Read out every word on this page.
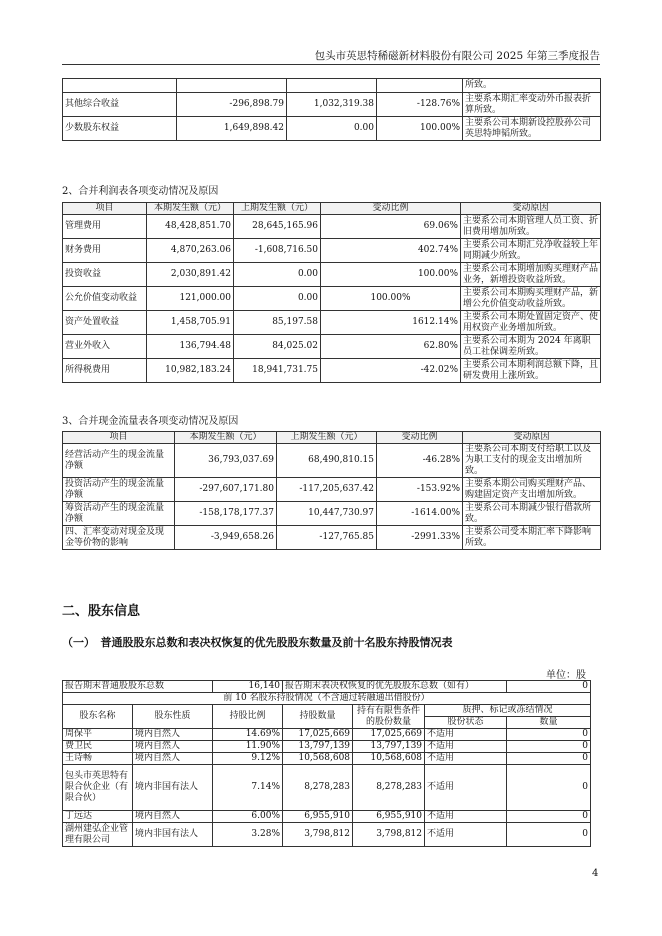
包头市英思特稀磁新材料股份有限公司 2025 年第三季度报告
				所致。
其他综合收益	-296,898.79	1,032,319.38	-128.76%	主要系本期汇率变动外币报表折算所致。
少数股东权益	1,649,898.42	0.00	100.00%	主要系公司本期新设控股孙公司英思特坤韬所致。
2、合并利润表各项变动情况及原因
项目	本期发生额（元）	上期发生额（元）	变动比例	变动原因
管理费用	48,428,851.70	28,645,165.96	69.06%	主要系公司本期管理人员工资、折旧费用增加所致。
财务费用	4,870,263.06	-1,608,716.50	402.74%	主要系公司本期汇兑净收益较上年同期减少所致。
投资收益	2,030,891.42	0.00	100.00%	主要系公司本期增加购买理财产品业务，新增投资收益所致。
公允价值变动收益	121,000.00	0.00	100.00%	主要系公司本期购买理财产品，新增公允价值变动收益所致。
资产处置收益	1,458,705.91	85,197.58	1612.14%	主要系公司本期处置固定资产、使用权资产业务增加所致。
营业外收入	136,794.48	84,025.02	62.80%	主要系公司本期为 2024 年离职员工社保调差所致。
所得税费用	10,982,183.24	18,941,731.75	-42.02%	主要系公司本期利润总额下降，且研发费用上涨所致。
3、合并现金流量表各项变动情况及原因
项目	本期发生额（元）	上期发生额（元）	变动比例	变动原因
经营活动产生的现金流量净额	36,793,037.69	68,490,810.15	-46.28%	主要系公司本期支付给职工以及为职工支付的现金支出增加所致。
投资活动产生的现金流量净额	-297,607,171.80	-117,205,637.42	-153.92%	主要系本期公司购买理财产品、购建固定资产支出增加所致。
筹资活动产生的现金流量净额	-158,178,177.37	10,447,730.97	-1614.00%	主要系公司本期减少银行借款所致。
四、汇率变动对现金及现金等价物的影响	-3,949,658.26	-127,765.85	-2991.33%	主要系公司受本期汇率下降影响所致。
二、股东信息
（一）　普通股股东总数和表决权恢复的优先股股东数量及前十名股东持股情况表
单位：股
报告期末普通股股东总数		16,140	报告期末表决权恢复的优先股股东总数（如有）			0
前 10 名股东持股情况（不含通过转融通出借股份）						
股东名称	股东性质	持股比例	持股数量	持有有限售条件的股份数量	质押、标记或冻结情况	
					股份状态	数量
周保平	境内自然人	14.69%	17,025,669	17,025,669	不适用	0
费卫民	境内自然人	11.90%	13,797,139	13,797,139	不适用	0
王诗畅	境内自然人	9.12%	10,568,608	10,568,608	不适用	0
包头市英思特有限合伙企业（有限合伙）	境内非国有法人	7.14%	8,278,283	8,278,283	不适用	0
丁远达	境内自然人	6.00%	6,955,910	6,955,910	不适用	0
湖州建弘企业管理有限公司	境内非国有法人	3.28%	3,798,812	3,798,812	不适用	0
4
